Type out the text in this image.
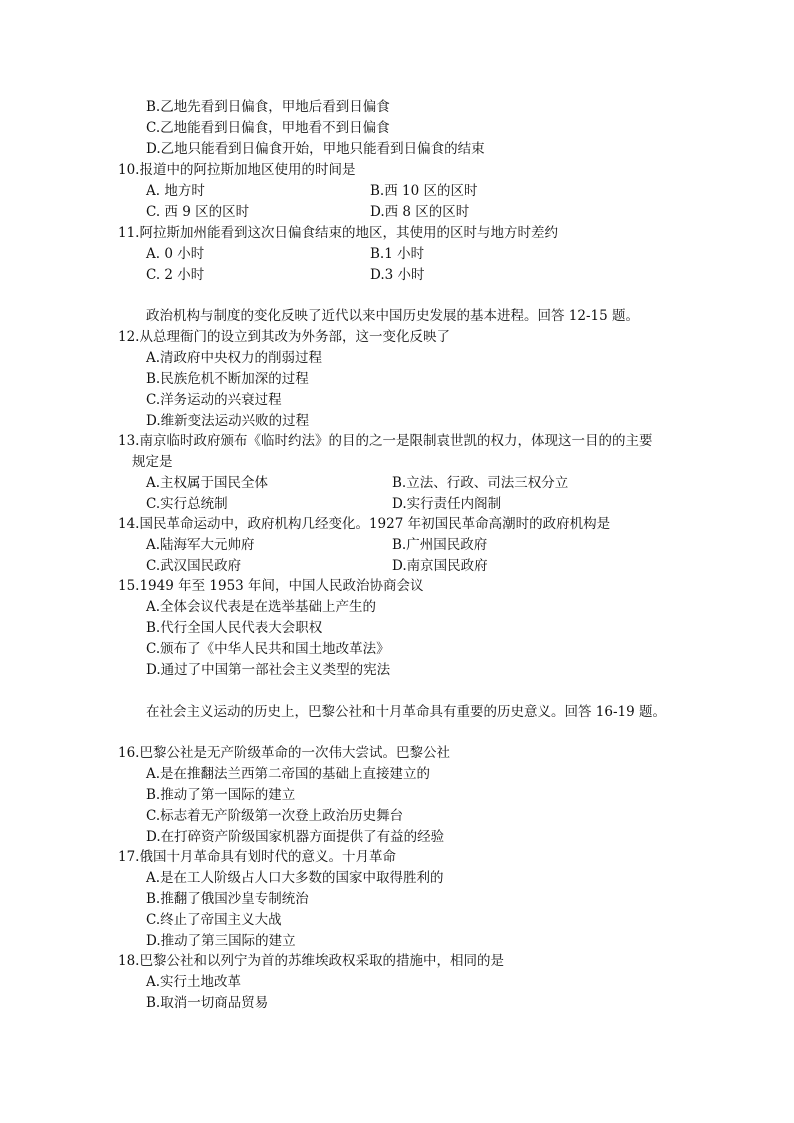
B.乙地先看到日偏食，甲地后看到日偏食
C.乙地能看到日偏食，甲地看不到日偏食
D.乙地只能看到日偏食开始，甲地只能看到日偏食的结束
10.报道中的阿拉斯加地区使用的时间是
A. 地方时	B.西 10 区的区时
C. 西 9 区的区时	D.西 8 区的区时
11.阿拉斯加州能看到这次日偏食结束的地区，其使用的区时与地方时差约
A. 0 小时	B.1 小时
C. 2 小时	D.3 小时
政治机构与制度的变化反映了近代以来中国历史发展的基本进程。回答 12-15 题。
12.从总理衙门的设立到其改为外务部，这一变化反映了
A.清政府中央权力的削弱过程
B.民族危机不断加深的过程
C.洋务运动的兴衰过程
D.维新变法运动兴败的过程
13.南京临时政府颁布《临时约法》的目的之一是限制袁世凯的权力，体现这一目的的主要
规定是
A.主权属于国民全体	B.立法、行政、司法三权分立
C.实行总统制	D.实行责任内阁制
14.国民革命运动中，政府机构几经变化。1927 年初国民革命高潮时的政府机构是
A.陆海军大元帅府	B.广州国民政府
C.武汉国民政府	D.南京国民政府
15.1949 年至 1953 年间，中国人民政治协商会议
A.全体会议代表是在选举基础上产生的
B.代行全国人民代表大会职权
C.颁布了《中华人民共和国土地改革法》
D.通过了中国第一部社会主义类型的宪法
在社会主义运动的历史上，巴黎公社和十月革命具有重要的历史意义。回答 16-19 题。
16.巴黎公社是无产阶级革命的一次伟大尝试。巴黎公社
A.是在推翻法兰西第二帝国的基础上直接建立的
B.推动了第一国际的建立
C.标志着无产阶级第一次登上政治历史舞台
D.在打碎资产阶级国家机器方面提供了有益的经验
17.俄国十月革命具有划时代的意义。十月革命
A.是在工人阶级占人口大多数的国家中取得胜利的
B.推翻了俄国沙皇专制统治
C.终止了帝国主义大战
D.推动了第三国际的建立
18.巴黎公社和以列宁为首的苏维埃政权采取的措施中，相同的是
A.实行土地改革
B.取消一切商品贸易
